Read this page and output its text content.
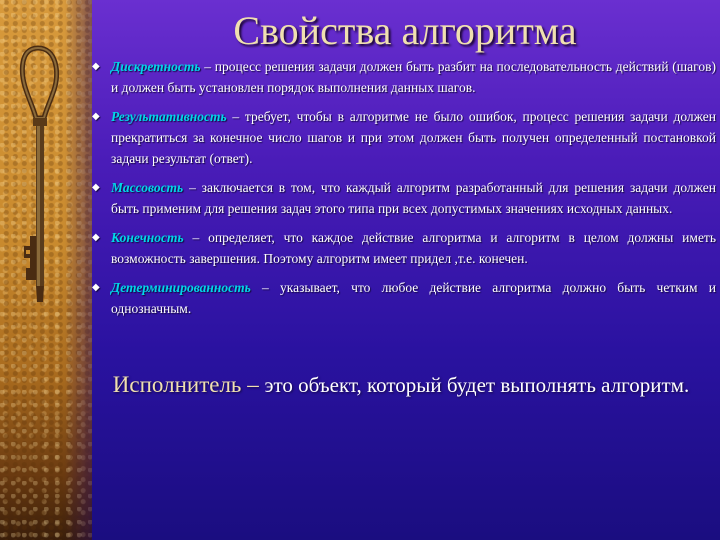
Свойства алгоритма
◆ Дискретность – процесс решения задачи должен быть разбит на последовательность действий (шагов) и должен быть установлен порядок выполнения данных шагов.
◆ Результативность – требует, чтобы в алгоритме не было ошибок, процесс решения задачи должен прекратиться за конечное число шагов и при этом должен быть получен определенный постановкой задачи результат (ответ).
◆ Массовость – заключается в том, что каждый алгоритм разработанный для решения задачи должен быть применим для решения задач этого типа при всех допустимых значениях исходных данных.
◆ Конечность – определяет, что каждое действие алгоритма и алгоритм в целом должны иметь возможность завершения. Поэтому алгоритм имеет придел ,т.е. конечен.
◆ Детерминированность – указывает, что любое действие алгоритма должно быть четким и однозначным.
Исполнитель – это объект, который будет выполнять алгоритм.
